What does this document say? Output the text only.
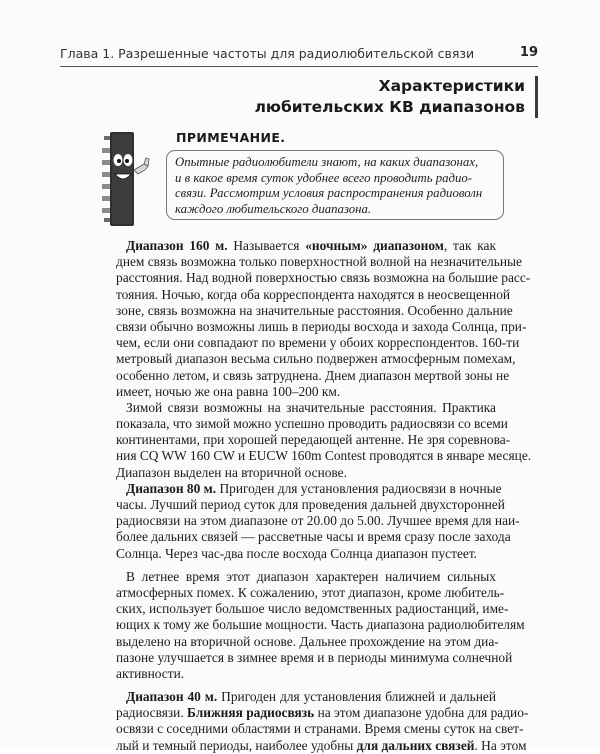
Глава 1. Разрешенные частоты для радиолюбительской связи	19
Характеристики
любительских КВ диапазонов
ПРИМЕЧАНИЕ.
Опытные радиолюбители знают, на каких диапазонах,
и в какое время суток удобнее всего проводить радио-
связи. Рассмотрим условия распространения радиоволн
каждого любительского диапазона.
Диапазон 160 м. Называется «ночным» диапазоном, так как
днем связь возможна только поверхностной волной на незначительные
расстояния. Над водной поверхностью связь возможна на большие расс-
тояния. Ночью, когда оба корреспондента находятся в неосвещенной
зоне, связь возможна на значительные расстояния. Особенно дальние
связи обычно возможны лишь в периоды восхода и захода Солнца, при-
чем, если они совпадают по времени у обоих корреспондентов. 160-ти
метровый диапазон весьма сильно подвержен атмосферным помехам,
особенно летом, и связь затруднена. Днем диапазон мертвой зоны не
имеет, ночью же она равна 100–200 км.
Зимой связи возможны на значительные расстояния. Практика
показала, что зимой можно успешно проводить радиосвязи со всеми
континентами, при хорошей передающей антенне. Не зря соревнова-
ния CQ WW 160 CW и EUCW 160m Contest проводятся в январе месяце.
Диапазон выделен на вторичной основе.
Диапазон 80 м. Пригоден для установления радиосвязи в ночные
часы. Лучший период суток для проведения дальней двухсторонней
радиосвязи на этом диапазоне от 20.00 до 5.00. Лучшее время для наи-
более дальних связей — рассветные часы и время сразу после захода
Солнца. Через час-два после восхода Солнца диапазон пустеет.
В летнее время этот диапазон характерен наличием сильных
атмосферных помех. К сожалению, этот диапазон, кроме любитель-
ских, использует большое число ведомственных радиостанций, име-
ющих к тому же большие мощности. Часть диапазона радиолюбителям
выделено на вторичной основе. Дальнее прохождение на этом диа-
пазоне улучшается в зимнее время и в периоды минимума солнечной
активности.
Диапазон 40 м. Пригоден для установления ближней и дальней
радиосвязи. Ближняя радиосвязь на этом диапазоне удобна для радио-
освязи с соседними областями и странами. Время смены суток на свет-
лый и темный периоды, наиболее удобны для дальних связей. На этом
